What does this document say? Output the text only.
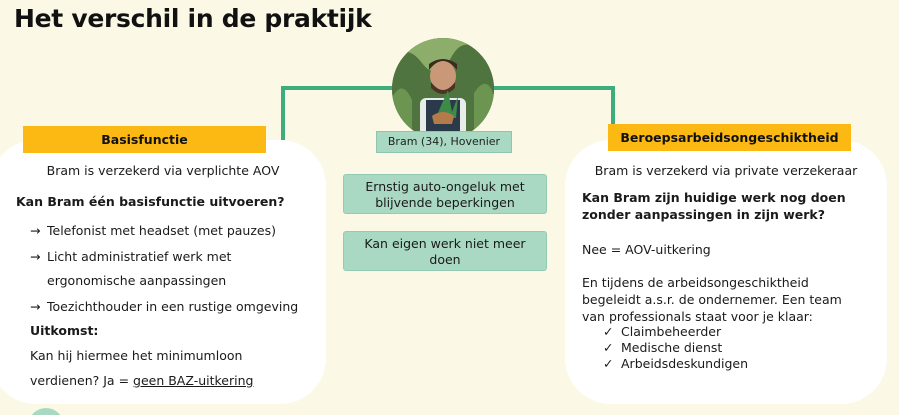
Het verschil in de praktijk
Bram (34), Hovenier
Ernstig auto-ongeluk met blijvende beperkingen
Kan eigen werk niet meer doen
Basisfunctie
Bram is verzekerd via verplichte AOV
Kan Bram één basisfunctie uitvoeren?
→ Telefonist met headset (met pauzes)
→ Licht administratief werk met
ergonomische aanpassingen
→ Toezichthouder in een rustige omgeving
Uitkomst:
Kan hij hiermee het minimumloon
verdienen? Ja = geen BAZ-uitkering
Beroepsarbeidsongeschiktheid
Bram is verzekerd via private verzekeraar
Kan Bram zijn huidige werk nog doen
zonder aanpassingen in zijn werk?
Nee = AOV-uitkering
En tijdens de arbeidsongeschiktheid
begeleidt a.s.r. de ondernemer. Een team
van professionals staat voor je klaar:
✓ Claimbeheerder
✓ Medische dienst
✓ Arbeidsdeskundigen
